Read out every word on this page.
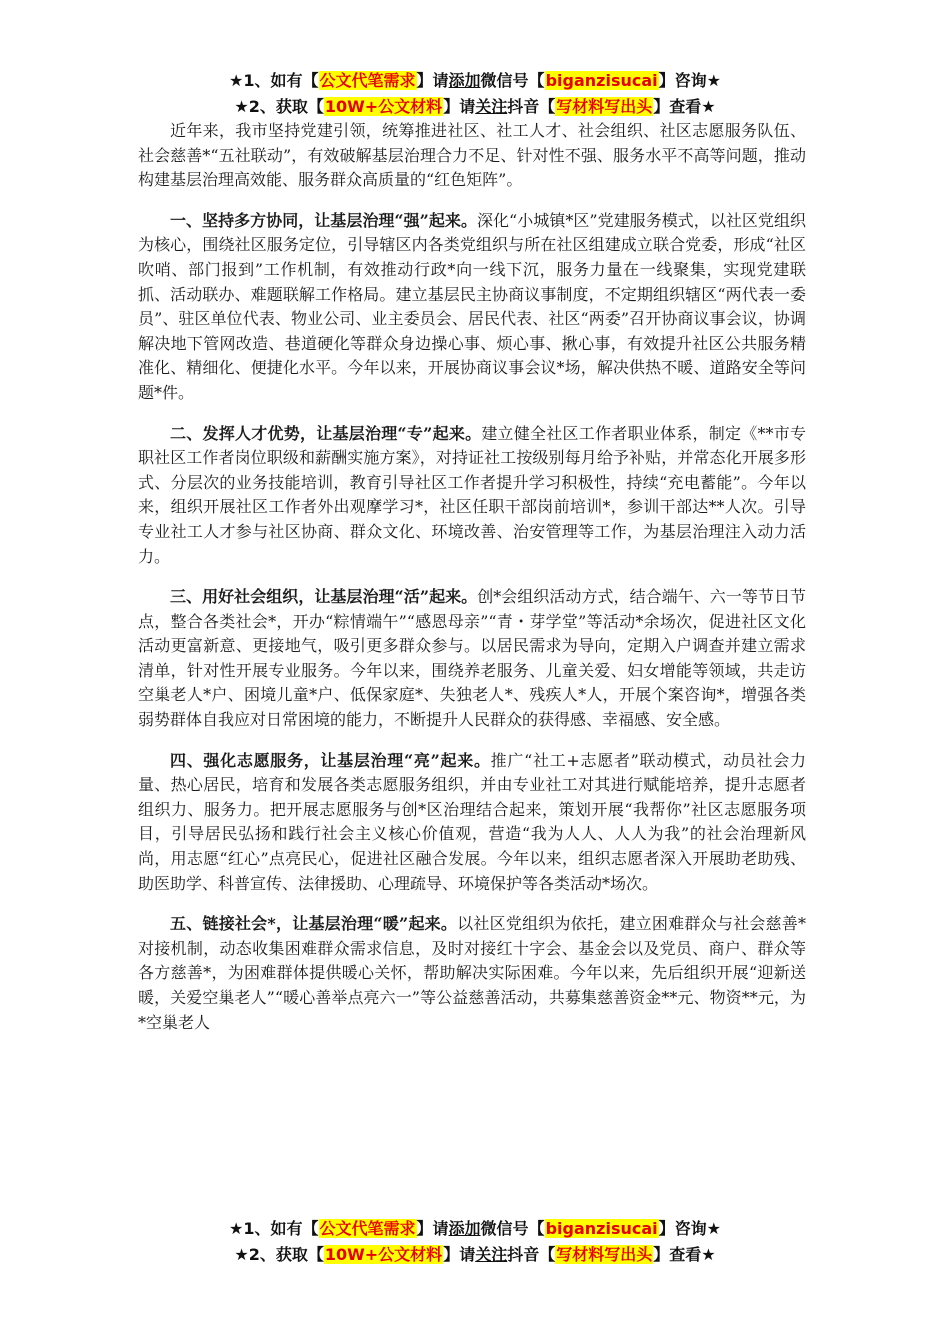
★1、如有【公文代笔需求】请添加微信号【biganzisucai】咨询★
★2、获取【10W+公文材料】请关注抖音【写材料写出头】查看★

近年来，我市坚持党建引领，统筹推进社区、社工人才、社会组织、社区志愿服务队伍、社会慈善*“五社联动”，有效破解基层治理合力不足、针对性不强、服务水平不高等问题，推动构建基层治理高效能、服务群众高质量的“红色矩阵”。

一、坚持多方协同，让基层治理“强”起来。深化“小城镇*区”党建服务模式，以社区党组织为核心，围绕社区服务定位，引导辖区内各类党组织与所在社区组建成立联合党委，形成“社区吹哨、部门报到”工作机制，有效推动行政*向一线下沉，服务力量在一线聚集，实现党建联抓、活动联办、难题联解工作格局。建立基层民主协商议事制度，不定期组织辖区“两代表一委员”、驻区单位代表、物业公司、业主委员会、居民代表、社区“两委”召开协商议事会议，协调解决地下管网改造、巷道硬化等群众身边操心事、烦心事、揪心事，有效提升社区公共服务精准化、精细化、便捷化水平。今年以来，开展协商议事会议*场，解决供热不暖、道路安全等问题*件。

二、发挥人才优势，让基层治理“专”起来。建立健全社区工作者职业体系，制定《**市专职社区工作者岗位职级和薪酬实施方案》，对持证社工按级别每月给予补贴，并常态化开展多形式、分层次的业务技能培训，教育引导社区工作者提升学习积极性，持续“充电蓄能”。今年以来，组织开展社区工作者外出观摩学习*，社区任职干部岗前培训*，参训干部达**人次。引导专业社工人才参与社区协商、群众文化、环境改善、治安管理等工作，为基层治理注入动力活力。

三、用好社会组织，让基层治理“活”起来。创*会组织活动方式，结合端午、六一等节日节点，整合各类社会*，开办“粽情端午”“感恩母亲”“青・芽学堂”等活动*余场次，促进社区文化活动更富新意、更接地气，吸引更多群众参与。以居民需求为导向，定期入户调查并建立需求清单，针对性开展专业服务。今年以来，围绕养老服务、儿童关爱、妇女增能等领域，共走访空巢老人*户、困境儿童*户、低保家庭*、失独老人*、残疾人*人，开展个案咨询*，增强各类弱势群体自我应对日常困境的能力，不断提升人民群众的获得感、幸福感、安全感。

四、强化志愿服务，让基层治理“亮”起来。推广“社工+志愿者”联动模式，动员社会力量、热心居民，培育和发展各类志愿服务组织，并由专业社工对其进行赋能培养，提升志愿者组织力、服务力。把开展志愿服务与创*区治理结合起来，策划开展“我帮你”社区志愿服务项目，引导居民弘扬和践行社会主义核心价值观，营造“我为人人、人人为我”的社会治理新风尚，用志愿“红心”点亮民心，促进社区融合发展。今年以来，组织志愿者深入开展助老助残、助医助学、科普宣传、法律援助、心理疏导、环境保护等各类活动*场次。

五、链接社会*，让基层治理“暖”起来。以社区党组织为依托，建立困难群众与社会慈善*对接机制，动态收集困难群众需求信息，及时对接红十字会、基金会以及党员、商户、群众等各方慈善*，为困难群体提供暖心关怀，帮助解决实际困难。今年以来，先后组织开展“迎新送暖，关爱空巢老人”“暖心善举点亮六一”等公益慈善活动，共募集慈善资金**元、物资**元，为*空巢老人

★1、如有【公文代笔需求】请添加微信号【biganzisucai】咨询★
★2、获取【10W+公文材料】请关注抖音【写材料写出头】查看★
